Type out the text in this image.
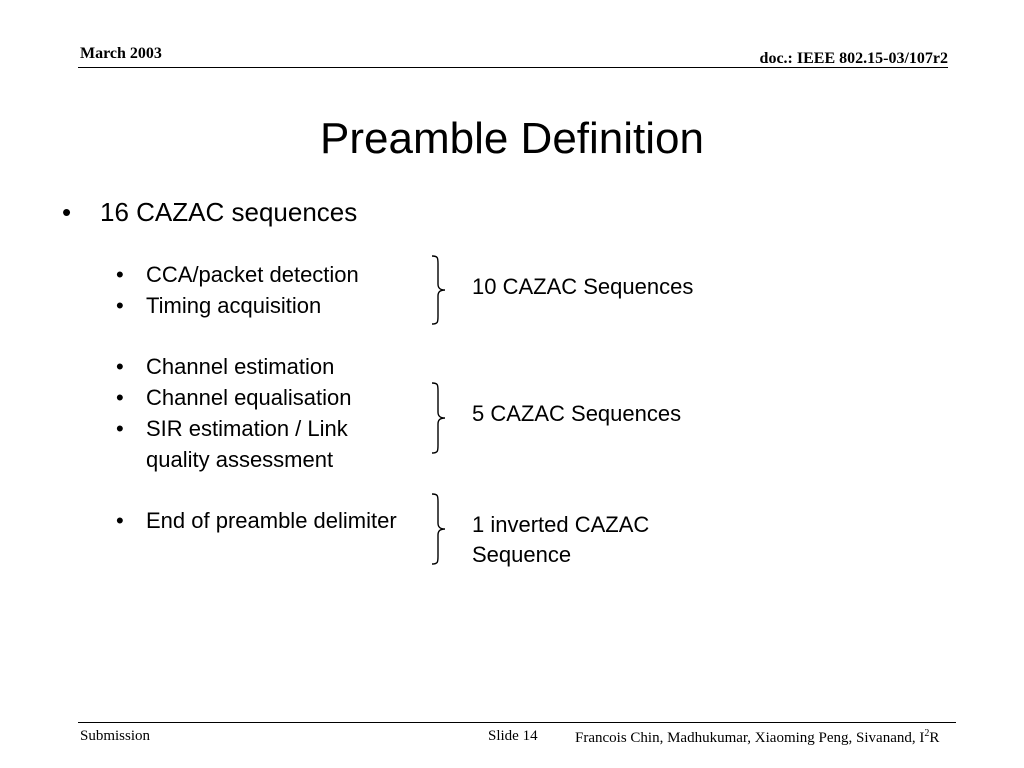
March 2003	doc.: IEEE 802.15-03/107r2
Preamble Definition
• 16 CAZAC sequences
• CCA/packet detection
• Timing acquisition
10 CAZAC Sequences
• Channel estimation
• Channel equalisation
• SIR estimation / Link quality assessment
5 CAZAC Sequences
• End of preamble delimiter	1 inverted CAZAC
Sequence
Submission	Slide 14 Francois Chin, Madhukumar, Xiaoming Peng, Sivanand, $I^2R$
